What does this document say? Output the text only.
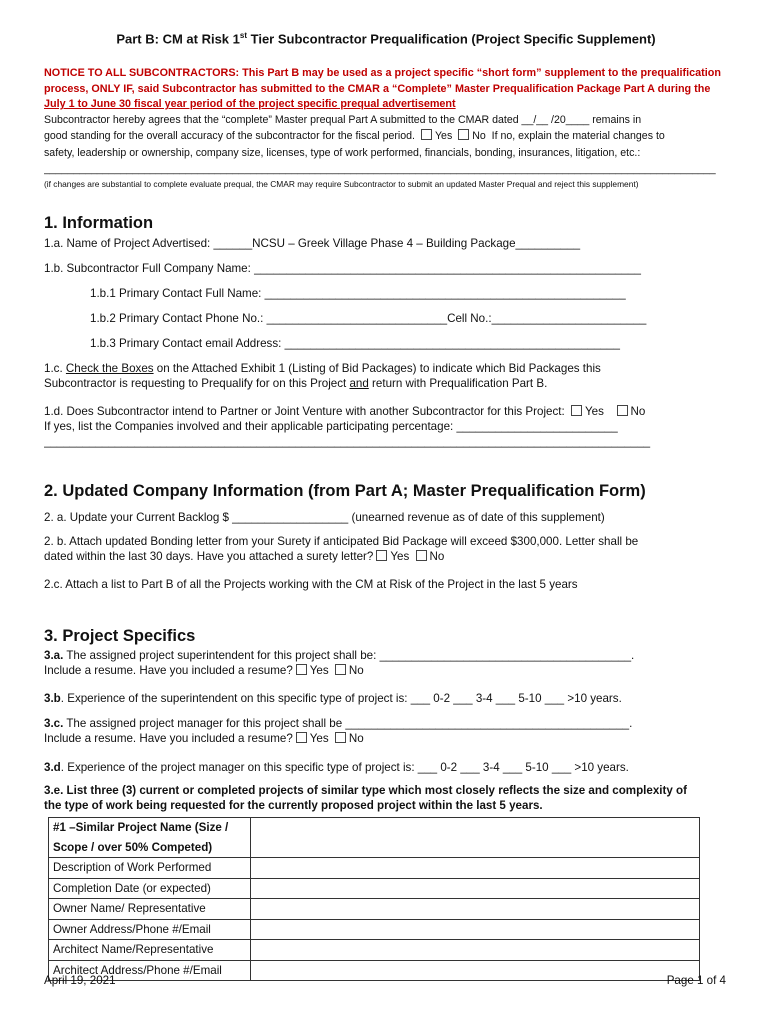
Part B: CM at Risk 1st Tier Subcontractor Prequalification (Project Specific Supplement)
NOTICE TO ALL SUBCONTRACTORS: This Part B may be used as a project specific “short form” supplement to the prequalification
process, ONLY IF, said Subcontractor has submitted to the CMAR a “Complete” Master Prequalification Package Part A during the
July 1 to June 30 fiscal year period of the project specific prequal advertisement
Subcontractor hereby agrees that the “complete” Master prequal Part A submitted to the CMAR dated __/__ /20____ remains in
good standing for the overall accuracy of the subcontractor for the fiscal period. Yes No If no, explain the material changes to
safety, leadership or ownership, company size, licenses, type of work performed, financials, bonding, insurances, litigation, etc.:
__________________________________________________________________________________________________________________
(if changes are substantial to complete evaluate prequal, the CMAR may require Subcontractor to submit an updated Master Prequal and reject this supplement)
1. Information
1.a. Name of Project Advertised: ______NCSU – Greek Village Phase 4 – Building Package__________
1.b. Subcontractor Full Company Name: ____________________________________________________________
1.b.1 Primary Contact Full Name: ________________________________________________________
1.b.2 Primary Contact Phone No.: ____________________________Cell No.:________________________
1.b.3 Primary Contact email Address: ____________________________________________________
1.c. Check the Boxes on the Attached Exhibit 1 (Listing of Bid Packages) to indicate which Bid Packages this
Subcontractor is requesting to Prequalify for on this Project and return with Prequalification Part B.
1.d. Does Subcontractor intend to Partner or Joint Venture with another Subcontractor for this Project: Yes No
If yes, list the Companies involved and their applicable participating percentage: _________________________
______________________________________________________________________________________________
2. Updated Company Information (from Part A; Master Prequalification Form)
2. a. Update your Current Backlog $ __________________ (unearned revenue as of date of this supplement)
2. b. Attach updated Bonding letter from your Surety if anticipated Bid Package will exceed $300,000. Letter shall be
dated within the last 30 days. Have you attached a surety letter? Yes No
2.c. Attach a list to Part B of all the Projects working with the CM at Risk of the Project in the last 5 years
3. Project Specifics
3.a. The assigned project superintendent for this project shall be: _______________________________________.
Include a resume. Have you included a resume? Yes No
3.b. Experience of the superintendent on this specific type of project is: ___ 0-2 ___ 3-4 ___ 5-10 ___ >10 years.
3.c. The assigned project manager for this project shall be ____________________________________________.
Include a resume. Have you included a resume? Yes No
3.d. Experience of the project manager on this specific type of project is: ___ 0-2 ___ 3-4 ___ 5-10 ___ >10 years.
3.e. List three (3) current or completed projects of similar type which most closely reflects the size and complexity of
the type of work being requested for the currently proposed project within the last 5 years.
#1 –Similar Project Name (Size /	
Scope / over 50% Competed)	
Description of Work Performed	
Completion Date (or expected)	
Owner Name/ Representative	
Owner Address/Phone #/Email	
Architect Name/Representative	
Architect Address/Phone #/Email	
April 19, 2021	Page 1 of 4
